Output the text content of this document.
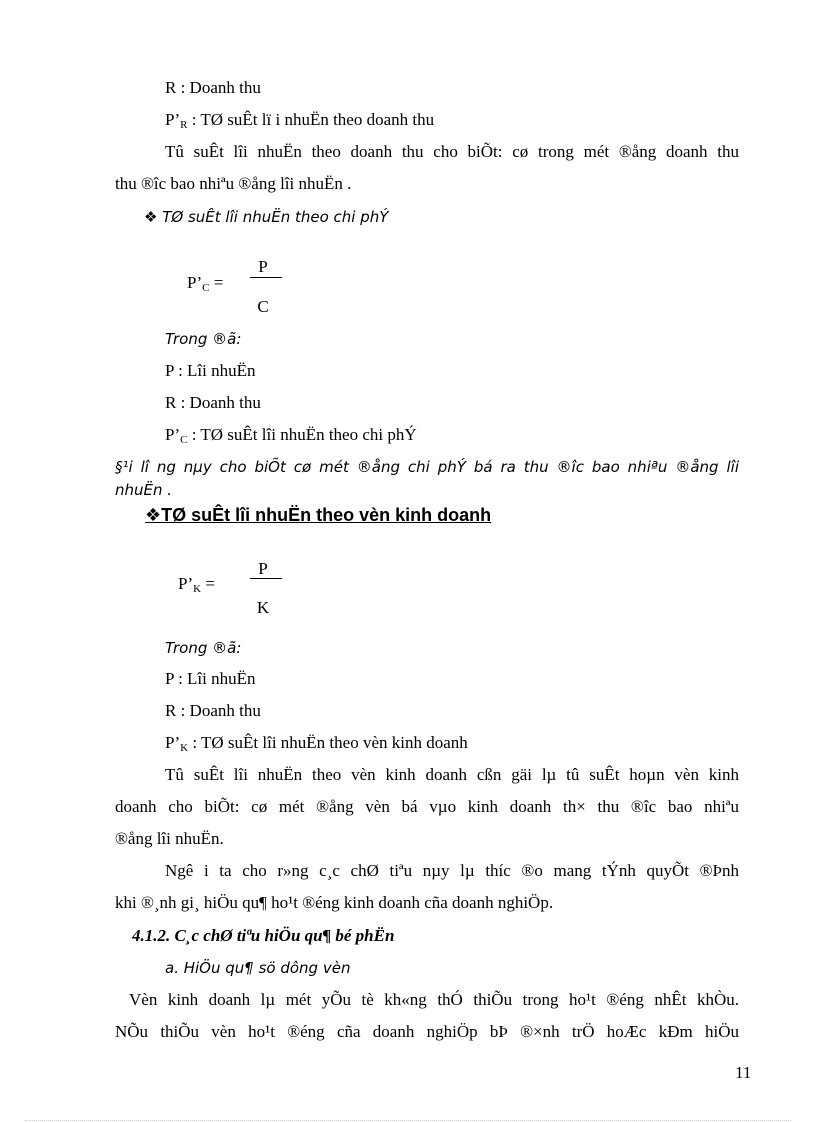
R : Doanh thu
$P’_R$ : TØ suÊt lï i nhuËn theo doanh thu
Tû suÊt lîi nhuËn theo doanh thu cho biÕt: cø trong mét ®ång doanh thu
thu ®îc bao nhiªu ®ång lîi nhuËn .
❖ TØ suÊt lîi nhuËn theo chi phÝ
$P’_C$ =
P
C
Trong ®ã:
P : Lîi nhuËn
R : Doanh thu
$P’_C$ : TØ suÊt lîi nhuËn theo chi phÝ
§¹i lî ng nµy cho biÕt cø mét ®ång chi phÝ bá ra thu ®îc bao nhiªu ®ång lîi
nhuËn .
❖TØ suÊt lîi nhuËn theo vèn kinh doanh
$P’_K$ =
P
K
Trong ®ã:
P : Lîi nhuËn
R : Doanh thu
$P’_K$ : TØ suÊt lîi nhuËn theo vèn kinh doanh
Tû suÊt lîi nhuËn theo vèn kinh doanh cßn gäi lµ tû suÊt hoµn vèn kinh
doanh cho biÕt: cø mét ®ång vèn bá vµo kinh doanh th× thu ®îc bao nhiªu
®ång lîi nhuËn.
Ngê i ta cho r»ng c¸c chØ tiªu nµy lµ thíc ®o mang tÝnh quyÕt ®Þnh
khi ®¸nh gi¸ hiÖu qu¶ ho¹t ®éng kinh doanh cña doanh nghiÖp.
4.1.2. C¸c chØ tiªu hiÖu qu¶ bé phËn
a. HiÖu qu¶ sö dông vèn
Vèn kinh doanh lµ mét yÕu tè kh«ng thÓ thiÕu trong ho¹t ®éng nhÊt khÒu.
NÕu thiÕu vèn ho¹t ®éng cña doanh nghiÖp bÞ ®×nh trÖ hoÆc kÐm hiÖu
11
